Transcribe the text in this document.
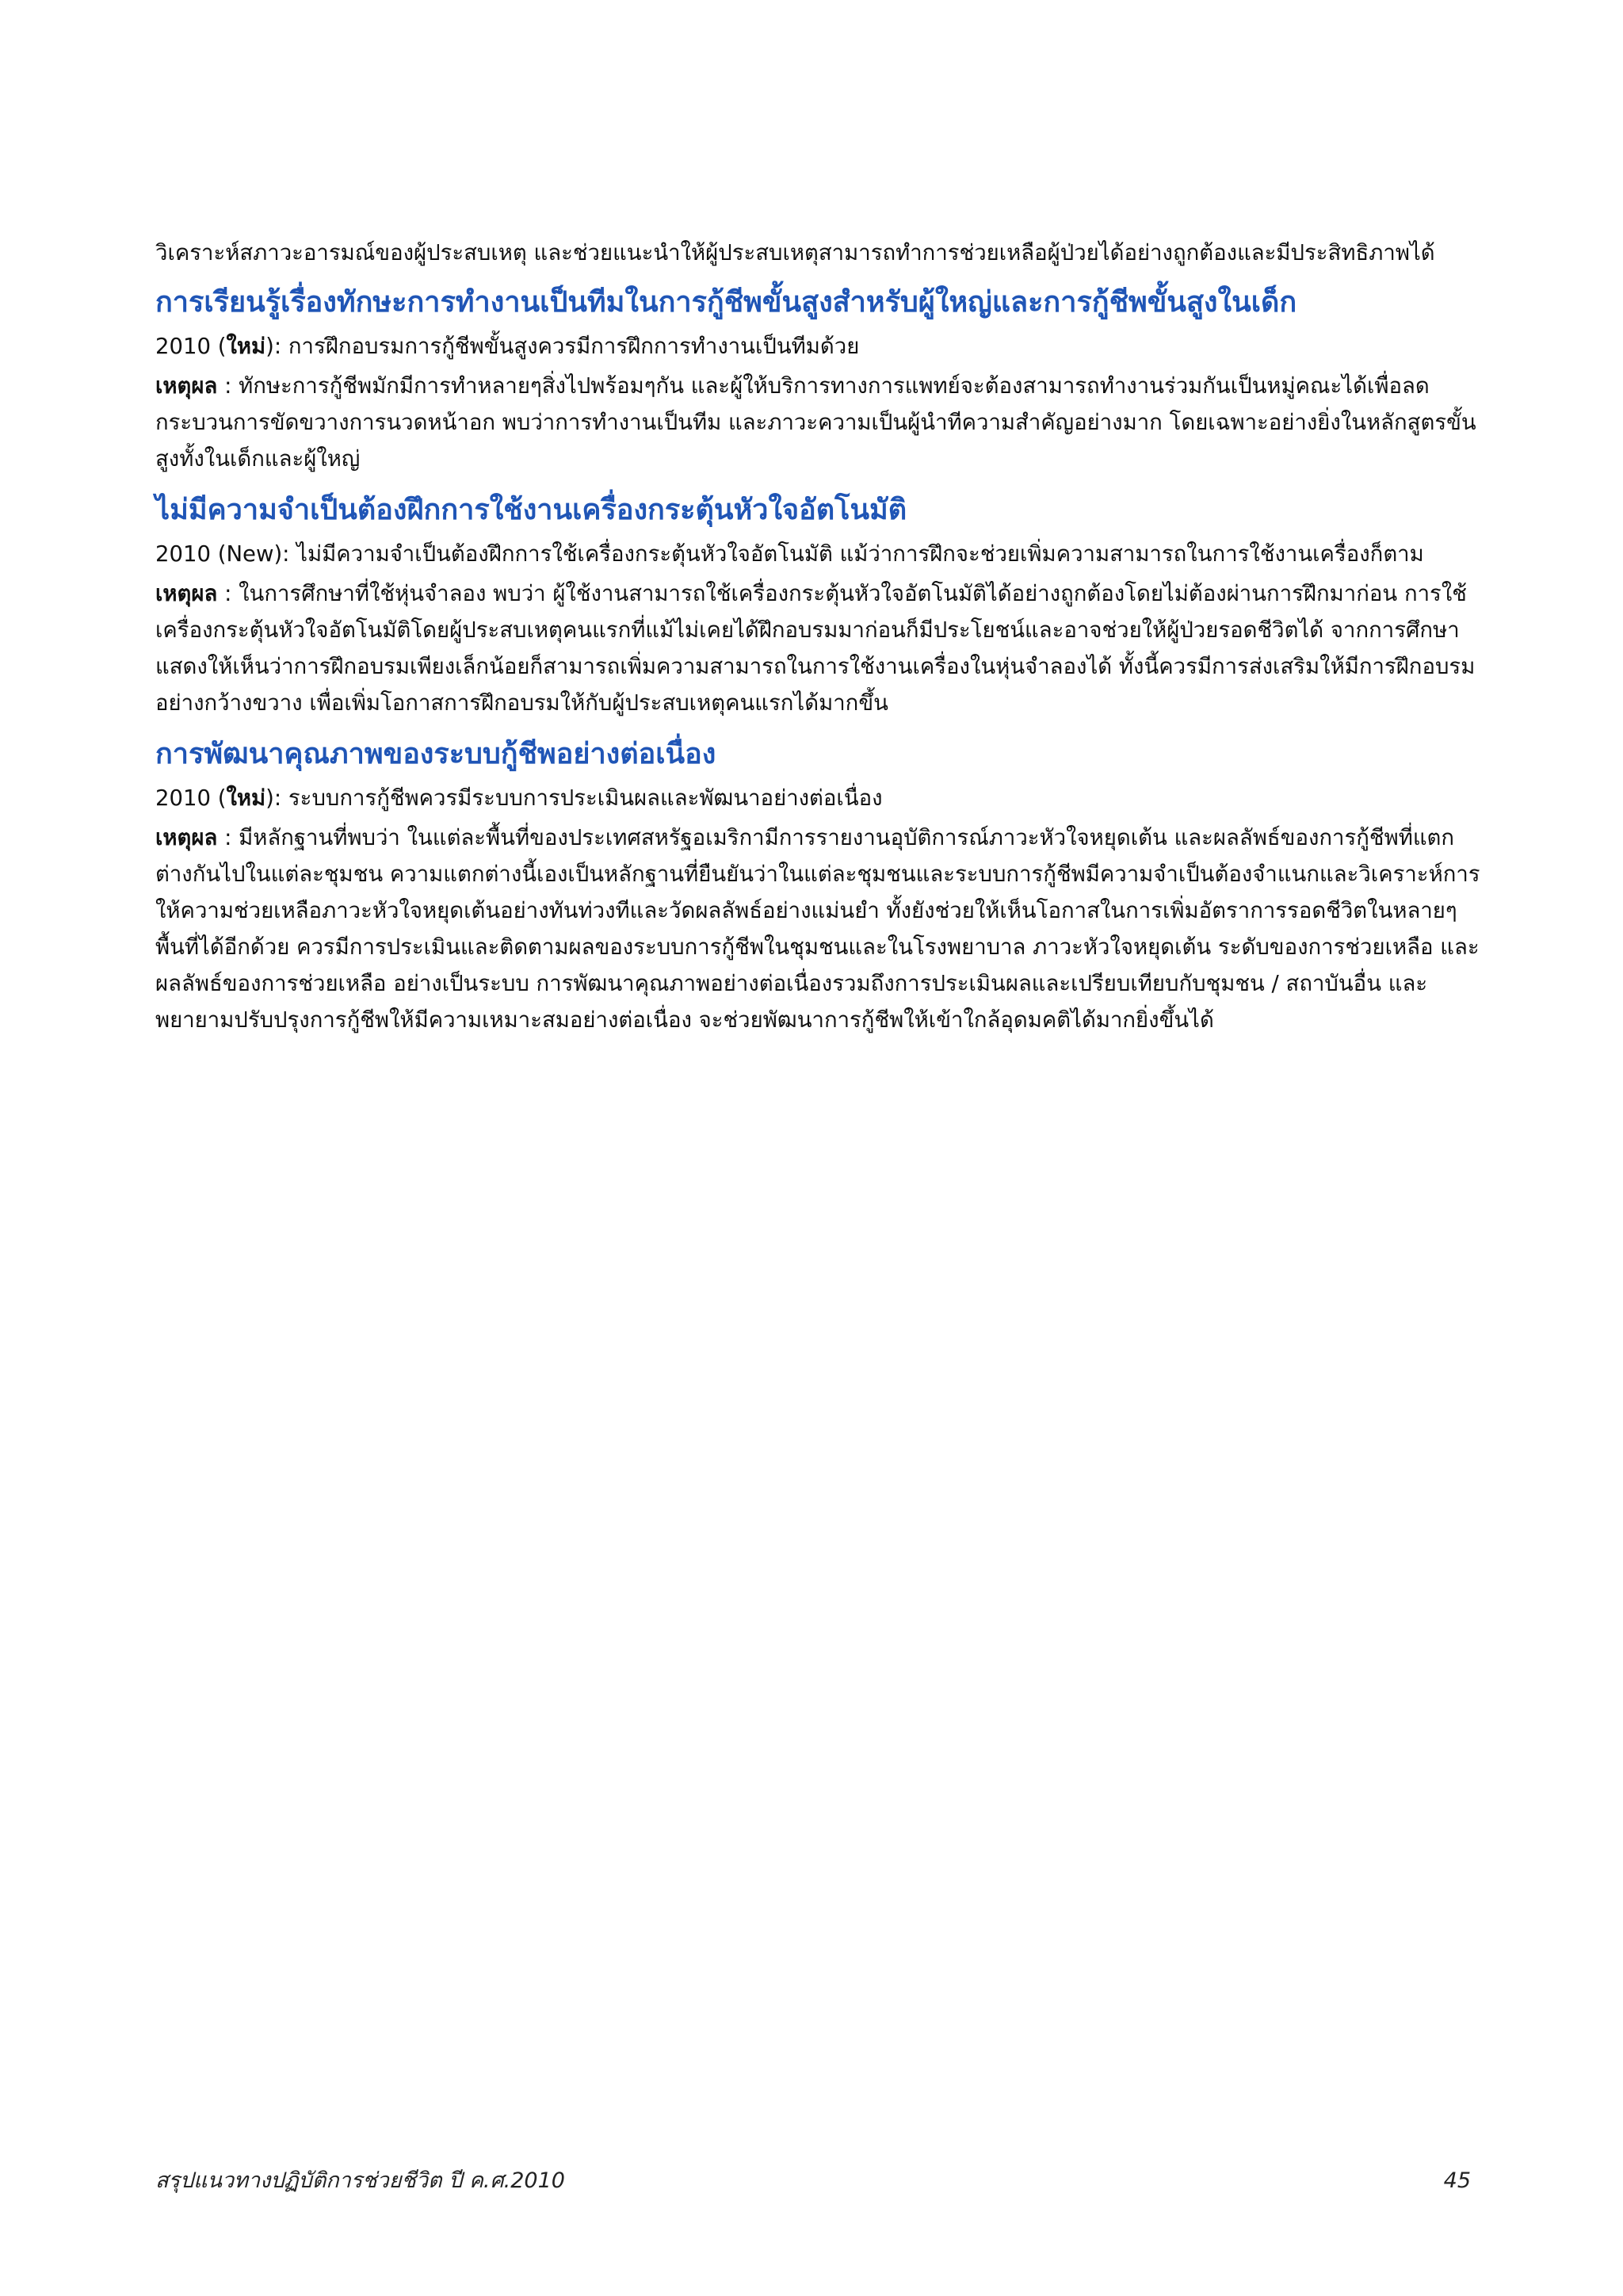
วิเคราะห์สภาวะอารมณ์ของผู้ประสบเหตุ และช่วยแนะนำให้ผู้ประสบเหตุสามารถทำการช่วยเหลือผู้ป่วยได้อย่างถูกต้องและมีประสิทธิภาพได้

การเรียนรู้เรื่องทักษะการทำงานเป็นทีมในการกู้ชีพขั้นสูงสำหรับผู้ใหญ่และการกู้ชีพขั้นสูงในเด็ก

2010 (ใหม่): การฝึกอบรมการกู้ชีพขั้นสูงควรมีการฝึกการทำงานเป็นทีมด้วย

เหตุผล : ทักษะการกู้ชีพมักมีการทำหลายๆสิ่งไปพร้อมๆกัน และผู้ให้บริการทางการแพทย์จะต้องสามารถทำงานร่วมกันเป็นหมู่คณะได้เพื่อลดกระบวนการขัดขวางการนวดหน้าอก พบว่าการทำงานเป็นทีม และภาวะความเป็นผู้นำทีความสำคัญอย่างมาก โดยเฉพาะอย่างยิ่งในหลักสูตรขั้นสูงทั้งในเด็กและผู้ใหญ่

ไม่มีความจำเป็นต้องฝึกการใช้งานเครื่องกระตุ้นหัวใจอัตโนมัติ

2010 (New): ไม่มีความจำเป็นต้องฝึกการใช้เครื่องกระตุ้นหัวใจอัตโนมัติ แม้ว่าการฝึกจะช่วยเพิ่มความสามารถในการใช้งานเครื่องก็ตาม

เหตุผล : ในการศึกษาที่ใช้หุ่นจำลอง พบว่า ผู้ใช้งานสามารถใช้เครื่องกระตุ้นหัวใจอัตโนมัติได้อย่างถูกต้องโดยไม่ต้องผ่านการฝึกมาก่อน การใช้เครื่องกระตุ้นหัวใจอัตโนมัติโดยผู้ประสบเหตุคนแรกที่แม้ไม่เคยได้ฝึกอบรมมาก่อนก็มีประโยชน์และอาจช่วยให้ผู้ป่วยรอดชีวิตได้ จากการศึกษาแสดงให้เห็นว่าการฝึกอบรมเพียงเล็กน้อยก็สามารถเพิ่มความสามารถในการใช้งานเครื่องในหุ่นจำลองได้ ทั้งนี้ควรมีการส่งเสริมให้มีการฝึกอบรมอย่างกว้างขวาง เพื่อเพิ่มโอกาสการฝึกอบรมให้กับผู้ประสบเหตุคนแรกได้มากขึ้น

การพัฒนาคุณภาพของระบบกู้ชีพอย่างต่อเนื่อง

2010 (ใหม่): ระบบการกู้ชีพควรมีระบบการประเมินผลและพัฒนาอย่างต่อเนื่อง

เหตุผล : มีหลักฐานที่พบว่า ในแต่ละพื้นที่ของประเทศสหรัฐอเมริกามีการรายงานอุบัติการณ์ภาวะหัวใจหยุดเต้น และผลลัพธ์ของการกู้ชีพที่แตกต่างกันไปในแต่ละชุมชน ความแตกต่างนี้เองเป็นหลักฐานที่ยืนยันว่าในแต่ละชุมชนและระบบการกู้ชีพมีความจำเป็นต้องจำแนกและวิเคราะห์การให้ความช่วยเหลือภาวะหัวใจหยุดเต้นอย่างทันท่วงทีและวัดผลลัพธ์อย่างแม่นยำ ทั้งยังช่วยให้เห็นโอกาสในการเพิ่มอัตราการรอดชีวิตในหลายๆพื้นที่ได้อีกด้วย ควรมีการประเมินและติดตามผลของระบบการกู้ชีพในชุมชนและในโรงพยาบาล ภาวะหัวใจหยุดเต้น ระดับของการช่วยเหลือ และ ผลลัพธ์ของการช่วยเหลือ อย่างเป็นระบบ การพัฒนาคุณภาพอย่างต่อเนื่องรวมถึงการประเมินผลและเปรียบเทียบกับชุมชน / สถาบันอื่น และพยายามปรับปรุงการกู้ชีพให้มีความเหมาะสมอย่างต่อเนื่อง จะช่วยพัฒนาการกู้ชีพให้เข้าใกล้อุดมคติได้มากยิ่งขึ้นได้

สรุปแนวทางปฏิบัติการช่วยชีวิต ปี ค.ศ.2010	45
